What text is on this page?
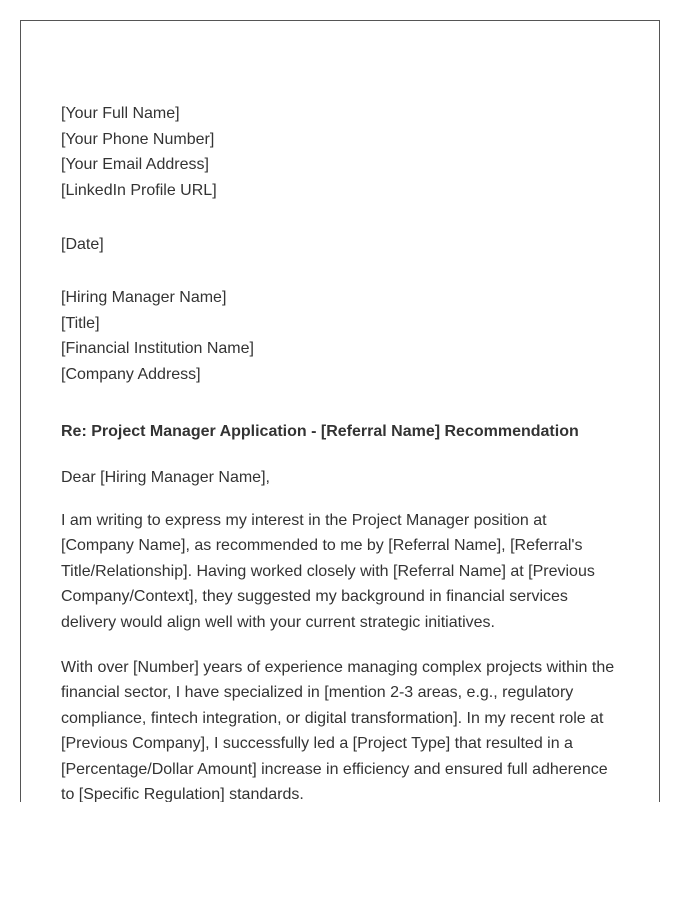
[Your Full Name]
[Your Phone Number]
[Your Email Address]
[LinkedIn Profile URL]
[Date]
[Hiring Manager Name]
[Title]
[Financial Institution Name]
[Company Address]
Re: Project Manager Application - [Referral Name] Recommendation
Dear [Hiring Manager Name],
I am writing to express my interest in the Project Manager position at [Company Name], as recommended to me by [Referral Name], [Referral's Title/Relationship]. Having worked closely with [Referral Name] at [Previous Company/Context], they suggested my background in financial services delivery would align well with your current strategic initiatives.
With over [Number] years of experience managing complex projects within the financial sector, I have specialized in [mention 2-3 areas, e.g., regulatory compliance, fintech integration, or digital transformation]. In my recent role at [Previous Company], I successfully led a [Project Type] that resulted in a [Percentage/Dollar Amount] increase in efficiency and ensured full adherence to [Specific Regulation] standards.
